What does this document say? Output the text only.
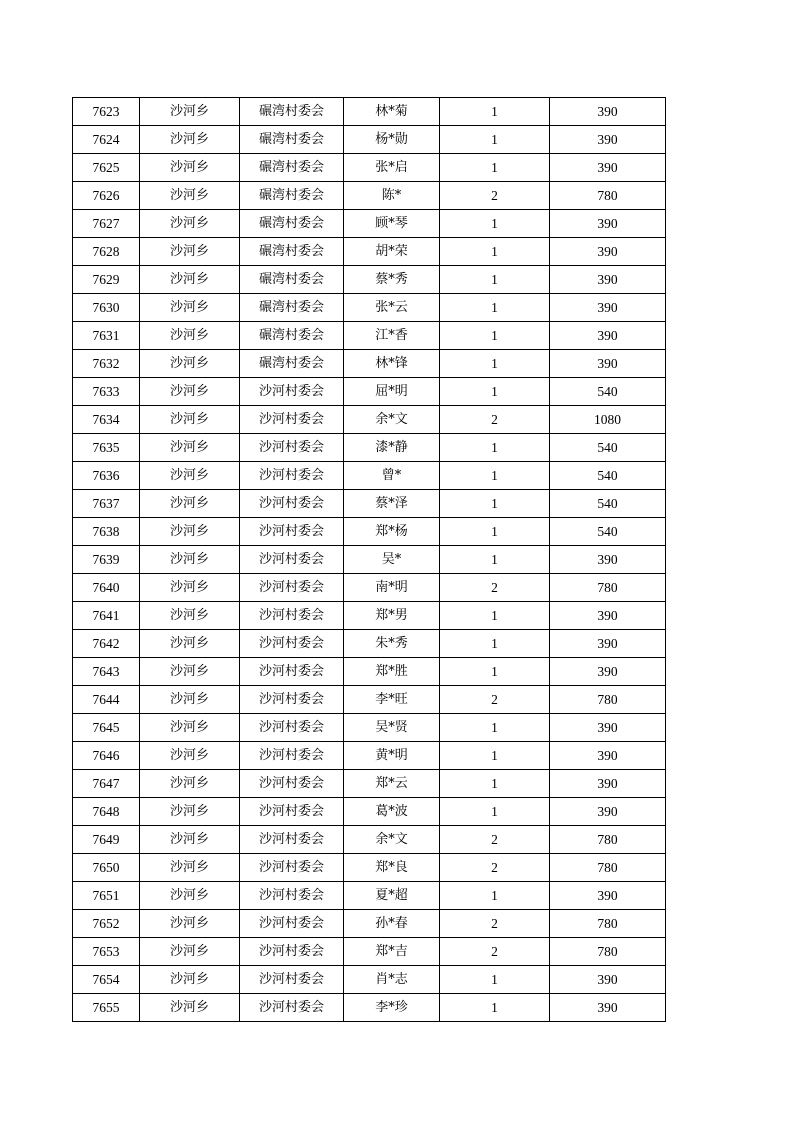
7623	沙河乡	碾湾村委会	林*菊	1	390
7624	沙河乡	碾湾村委会	杨*勋	1	390
7625	沙河乡	碾湾村委会	张*启	1	390
7626	沙河乡	碾湾村委会	陈*	2	780
7627	沙河乡	碾湾村委会	顾*琴	1	390
7628	沙河乡	碾湾村委会	胡*荣	1	390
7629	沙河乡	碾湾村委会	蔡*秀	1	390
7630	沙河乡	碾湾村委会	张*云	1	390
7631	沙河乡	碾湾村委会	江*香	1	390
7632	沙河乡	碾湾村委会	林*锋	1	390
7633	沙河乡	沙河村委会	屈*明	1	540
7634	沙河乡	沙河村委会	余*文	2	1080
7635	沙河乡	沙河村委会	漆*静	1	540
7636	沙河乡	沙河村委会	曾*	1	540
7637	沙河乡	沙河村委会	蔡*泽	1	540
7638	沙河乡	沙河村委会	郑*杨	1	540
7639	沙河乡	沙河村委会	吴*	1	390
7640	沙河乡	沙河村委会	南*明	2	780
7641	沙河乡	沙河村委会	郑*男	1	390
7642	沙河乡	沙河村委会	朱*秀	1	390
7643	沙河乡	沙河村委会	郑*胜	1	390
7644	沙河乡	沙河村委会	李*旺	2	780
7645	沙河乡	沙河村委会	吴*贤	1	390
7646	沙河乡	沙河村委会	黄*明	1	390
7647	沙河乡	沙河村委会	郑*云	1	390
7648	沙河乡	沙河村委会	葛*波	1	390
7649	沙河乡	沙河村委会	余*文	2	780
7650	沙河乡	沙河村委会	郑*良	2	780
7651	沙河乡	沙河村委会	夏*超	1	390
7652	沙河乡	沙河村委会	孙*春	2	780
7653	沙河乡	沙河村委会	郑*吉	2	780
7654	沙河乡	沙河村委会	肖*志	1	390
7655	沙河乡	沙河村委会	李*珍	1	390
